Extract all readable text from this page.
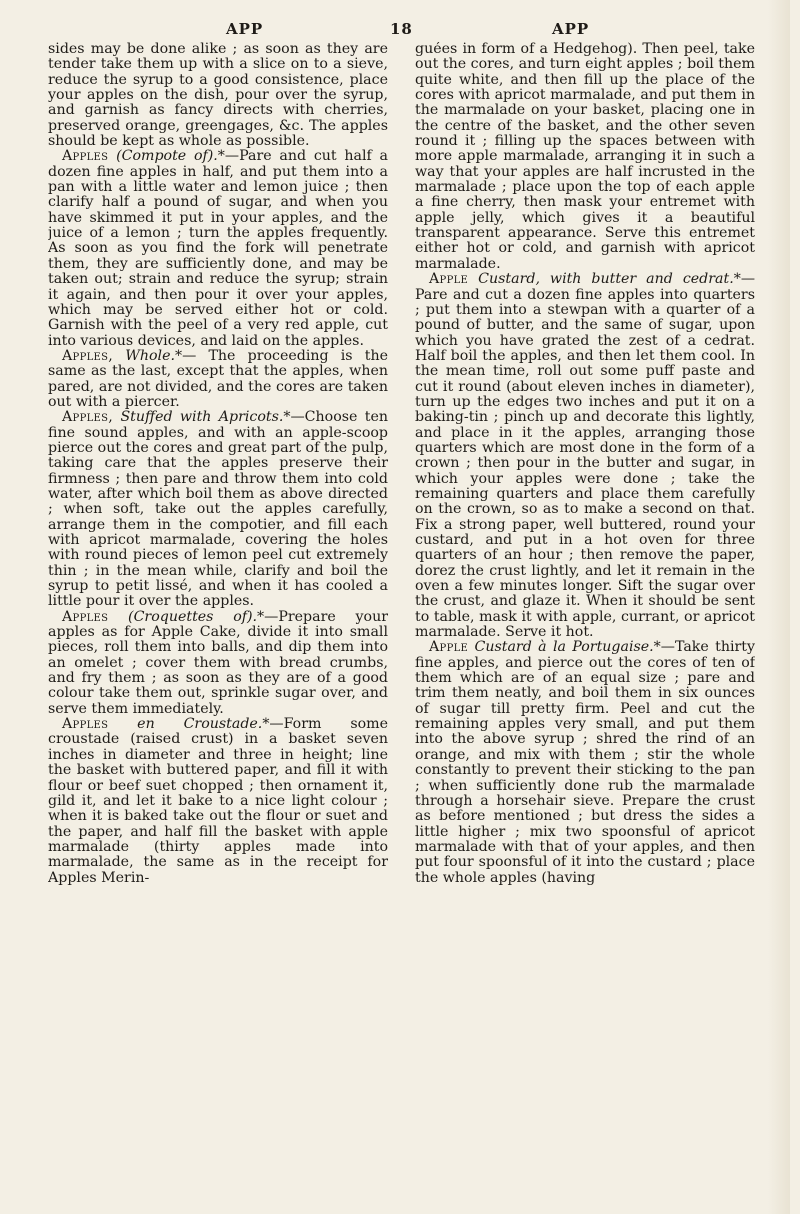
APP	18	APP

sides may be done alike ; as soon as they are tender take them up with a slice on to a sieve, reduce the syrup to a good consistence, place your apples on the dish, pour over the syrup, and garnish as fancy directs with cherries, preserved orange, greengages, &c. The apples should be kept as whole as possible.

Apples (Compote of).*—Pare and cut half a dozen fine apples in half, and put them into a pan with a little water and lemon juice ; then clarify half a pound of sugar, and when you have skimmed it put in your apples, and the juice of a lemon ; turn the apples frequently. As soon as you find the fork will penetrate them, they are sufficiently done, and may be taken out; strain and reduce the syrup; strain it again, and then pour it over your apples, which may be served either hot or cold. Garnish with the peel of a very red apple, cut into various devices, and laid on the apples.

Apples, Whole.*— The proceeding is the same as the last, except that the apples, when pared, are not divided, and the cores are taken out with a piercer.

Apples, Stuffed with Apricots.*—Choose ten fine sound apples, and with an apple-scoop pierce out the cores and great part of the pulp, taking care that the apples preserve their firmness ; then pare and throw them into cold water, after which boil them as above directed ; when soft, take out the apples carefully, arrange them in the compotier, and fill each with apricot marmalade, covering the holes with round pieces of lemon peel cut extremely thin ; in the mean while, clarify and boil the syrup to petit lissé, and when it has cooled a little pour it over the apples.

Apples (Croquettes of).*—Prepare your apples as for Apple Cake, divide it into small pieces, roll them into balls, and dip them into an omelet ; cover them with bread crumbs, and fry them ; as soon as they are of a good colour take them out, sprinkle sugar over, and serve them immediately.

Apples en Croustade.*—Form some croustade (raised crust) in a basket seven inches in diameter and three in height; line the basket with buttered paper, and fill it with flour or beef suet chopped ; then ornament it, gild it, and let it bake to a nice light colour ; when it is baked take out the flour or suet and the paper, and half fill the basket with apple marmalade (thirty apples made into marmalade, the same as in the receipt for Apples Merin-

guées in form of a Hedgehog). Then peel, take out the cores, and turn eight apples ; boil them quite white, and then fill up the place of the cores with apricot marmalade, and put them in the marmalade on your basket, placing one in the centre of the basket, and the other seven round it ; filling up the spaces between with more apple marmalade, arranging it in such a way that your apples are half incrusted in the marmalade ; place upon the top of each apple a fine cherry, then mask your entremet with apple jelly, which gives it a beautiful transparent appearance. Serve this entremet either hot or cold, and garnish with apricot marmalade.

Apple Custard, with butter and cedrat.*—Pare and cut a dozen fine apples into quarters ; put them into a stewpan with a quarter of a pound of butter, and the same of sugar, upon which you have grated the zest of a cedrat. Half boil the apples, and then let them cool. In the mean time, roll out some puff paste and cut it round (about eleven inches in diameter), turn up the edges two inches and put it on a baking-tin ; pinch up and decorate this lightly, and place in it the apples, arranging those quarters which are most done in the form of a crown ; then pour in the butter and sugar, in which your apples were done ; take the remaining quarters and place them carefully on the crown, so as to make a second on that. Fix a strong paper, well buttered, round your custard, and put in a hot oven for three quarters of an hour ; then remove the paper, dorez the crust lightly, and let it remain in the oven a few minutes longer. Sift the sugar over the crust, and glaze it. When it should be sent to table, mask it with apple, currant, or apricot marmalade. Serve it hot.

Apple Custard à la Portugaise.*—Take thirty fine apples, and pierce out the cores of ten of them which are of an equal size ; pare and trim them neatly, and boil them in six ounces of sugar till pretty firm. Peel and cut the remaining apples very small, and put them into the above syrup ; shred the rind of an orange, and mix with them ; stir the whole constantly to prevent their sticking to the pan ; when sufficiently done rub the marmalade through a horsehair sieve. Prepare the crust as before mentioned ; but dress the sides a little higher ; mix two spoonsful of apricot marmalade with that of your apples, and then put four spoonsful of it into the custard ; place the whole apples (having
